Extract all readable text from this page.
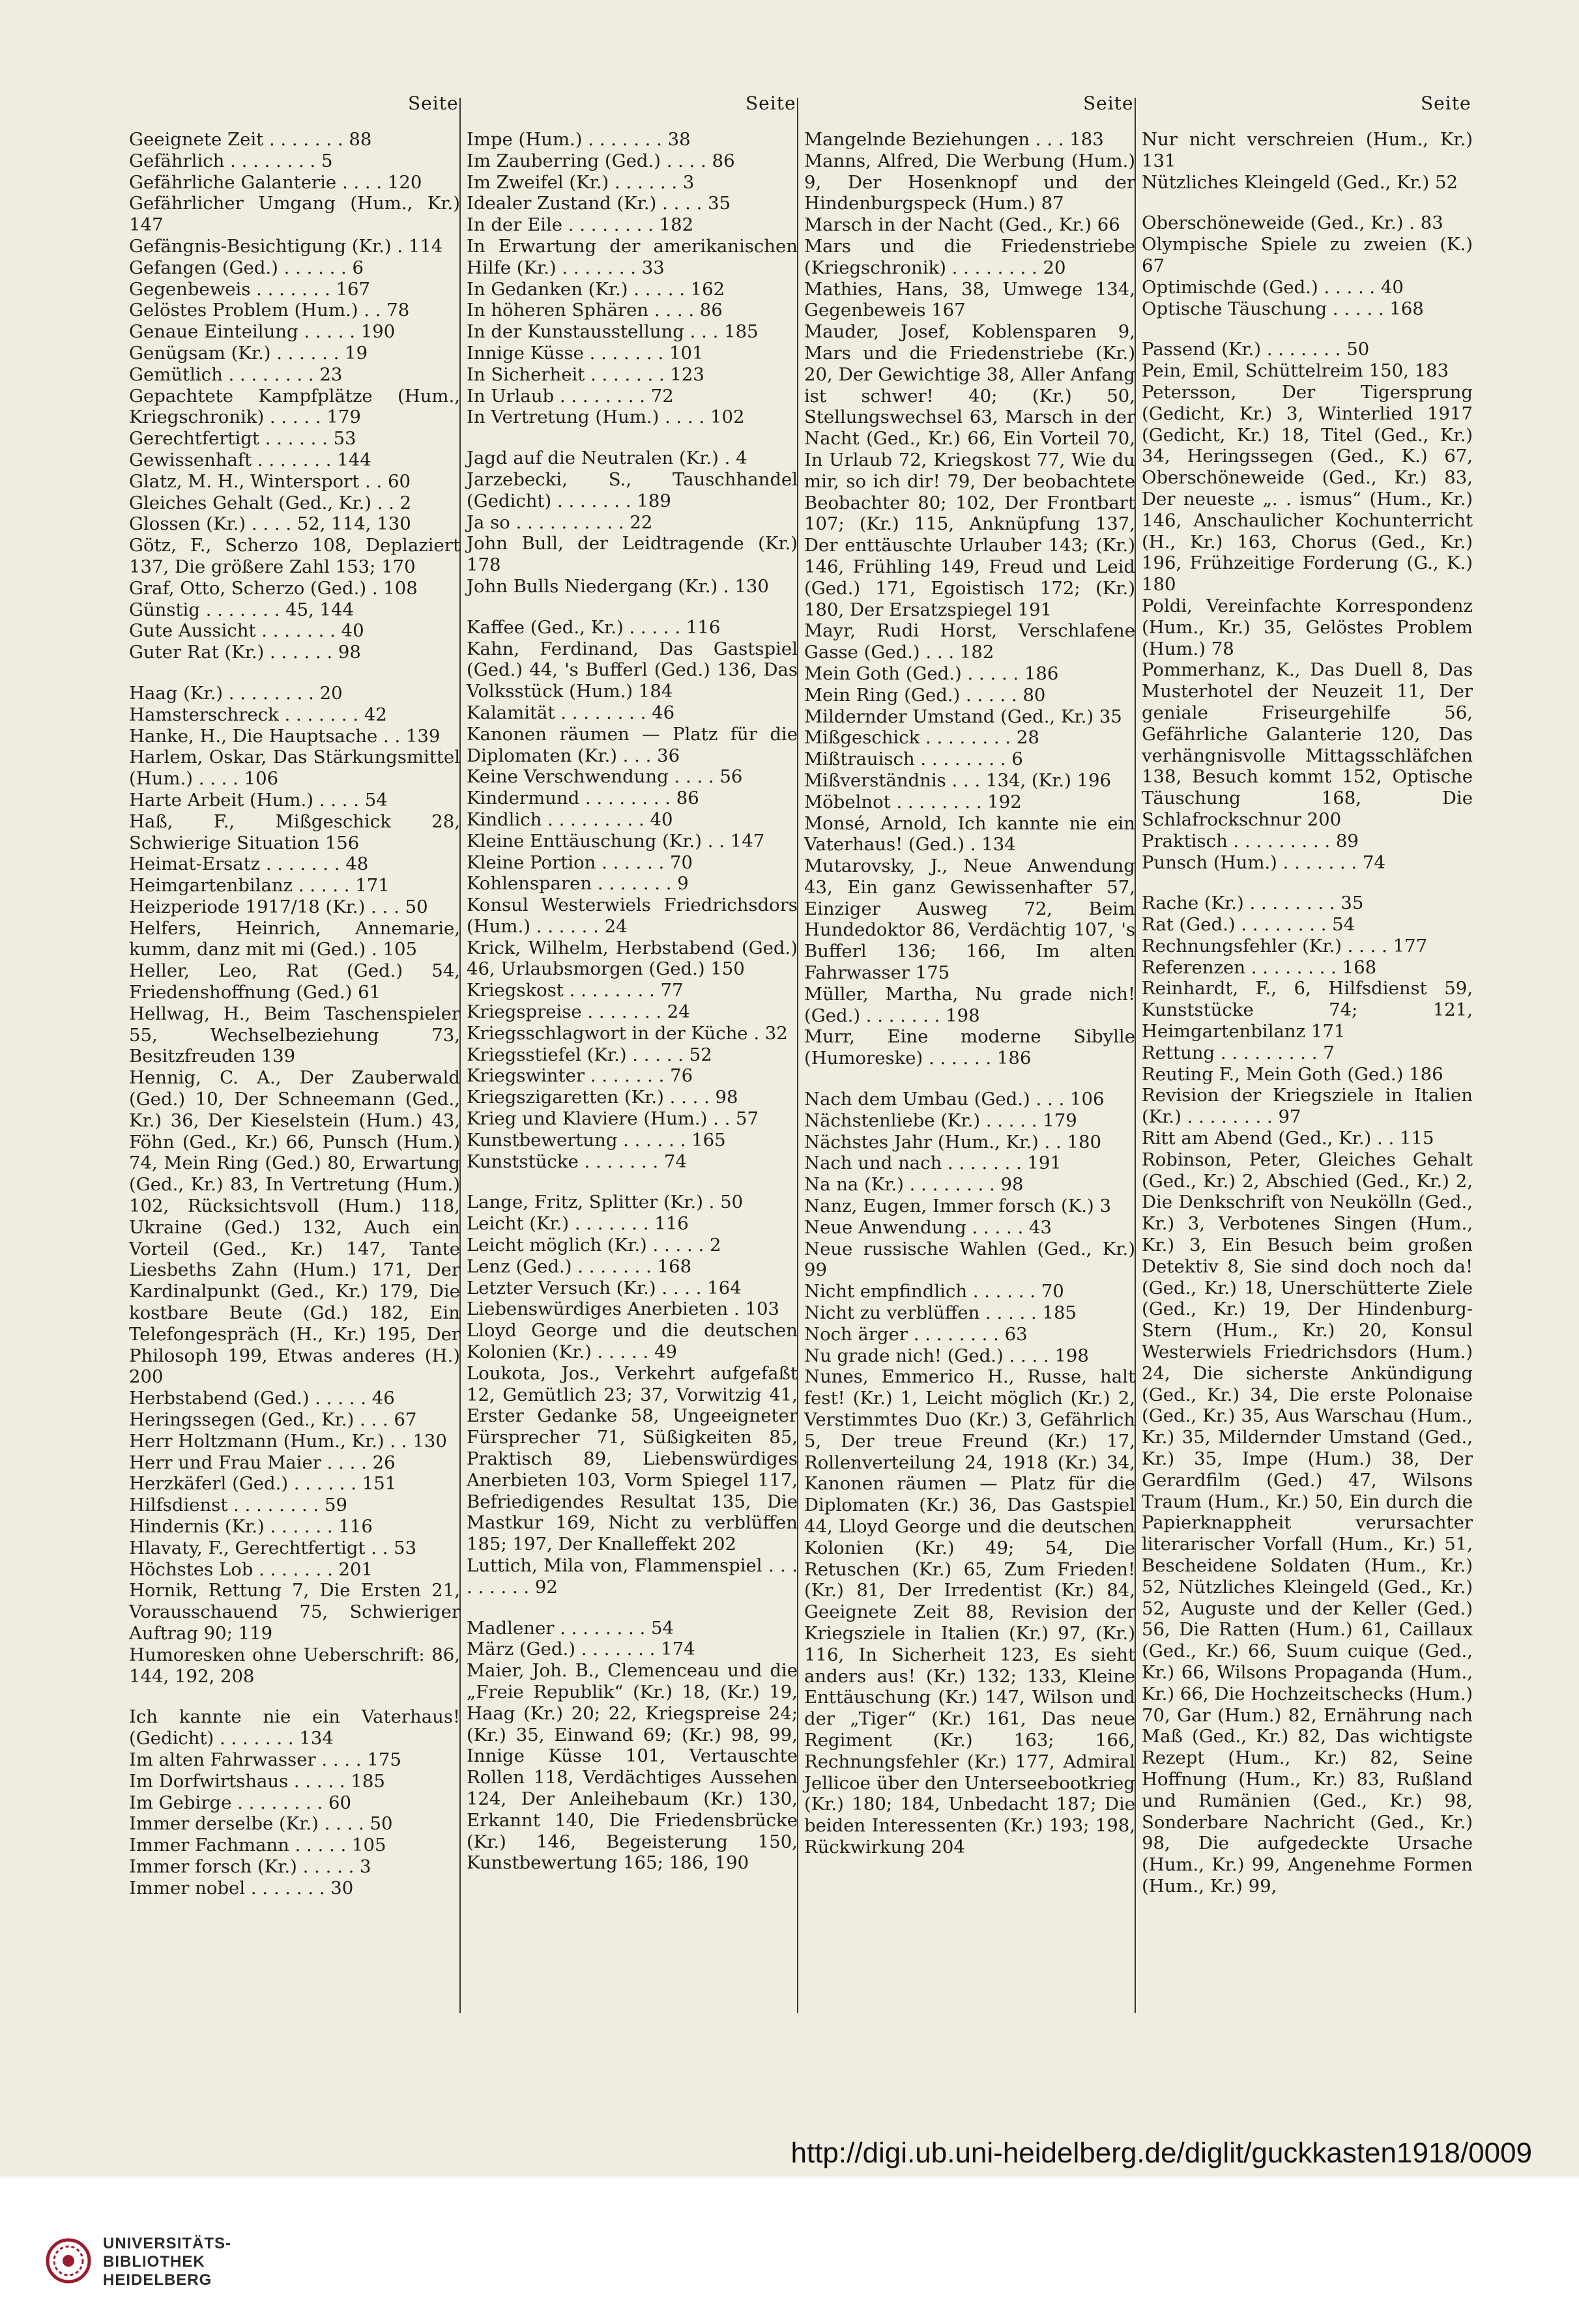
Seite	Seite	Seite	Seite
Geeignete Zeit . . . . . . . 88
Gefährlich . . . . . . . . 5
Gefährliche Galanterie . . . . 120
Gefährlicher Umgang (Hum., Kr.) 147
Gefängnis-Besichtigung (Kr.) . 114
Gefangen (Ged.) . . . . . . 6
Gegenbeweis . . . . . . . 167
Gelöstes Problem (Hum.) . . 78
Genaue Einteilung . . . . . 190
Genügsam (Kr.) . . . . . . 19
Gemütlich . . . . . . . . 23
Gepachtete Kampfplätze (Hum., Kriegschronik) . . . . . 179
Gerechtfertigt . . . . . . 53
Gewissenhaft . . . . . . . 144
Glatz, M. H., Wintersport . . 60
Gleiches Gehalt (Ged., Kr.) . . 2
Glossen (Kr.) . . . . 52, 114, 130
Götz, F., Scherzo 108, Deplaziert 137, Die größere Zahl 153; 170
Graf, Otto, Scherzo (Ged.) . 108
Günstig . . . . . . . 45, 144
Gute Aussicht . . . . . . . 40
Guter Rat (Kr.) . . . . . . 98
Haag (Kr.) . . . . . . . . 20
Hamsterschreck . . . . . . . 42
Hanke, H., Die Hauptsache . . 139
Harlem, Oskar, Das Stärkungsmittel (Hum.) . . . . 106
Harte Arbeit (Hum.) . . . . 54
Haß, F., Mißgeschick 28, Schwierige Situation 156
Heimat-Ersatz . . . . . . . 48
Heimgartenbilanz . . . . . 171
Heizperiode 1917/18 (Kr.) . . . 50
Helfers, Heinrich, Annemarie, kumm, danz mit mi (Ged.) . 105
Heller, Leo, Rat (Ged.) 54, Friedenshoffnung (Ged.) 61
Hellwag, H., Beim Taschenspieler 55, Wechselbeziehung 73, Besitzfreuden 139
Hennig, C. A., Der Zauberwald (Ged.) 10, Der Schneemann (Ged., Kr.) 36, Der Kieselstein (Hum.) 43, Föhn (Ged., Kr.) 66, Punsch (Hum.) 74, Mein Ring (Ged.) 80, Erwartung (Ged., Kr.) 83, In Vertretung (Hum.) 102, Rücksichtsvoll (Hum.) 118, Ukraine (Ged.) 132, Auch ein Vorteil (Ged., Kr.) 147, Tante Liesbeths Zahn (Hum.) 171, Der Kardinalpunkt (Ged., Kr.) 179, Die kostbare Beute (Gd.) 182, Ein Telefongespräch (H., Kr.) 195, Der Philosoph 199, Etwas anderes (H.) 200
Herbstabend (Ged.) . . . . . 46
Heringssegen (Ged., Kr.) . . . 67
Herr Holtzmann (Hum., Kr.) . . 130
Herr und Frau Maier . . . . 26
Herzkäferl (Ged.) . . . . . . 151
Hilfsdienst . . . . . . . . 59
Hindernis (Kr.) . . . . . . 116
Hlavaty, F., Gerechtfertigt . . 53
Höchstes Lob . . . . . . . 201
Hornik, Rettung 7, Die Ersten 21, Vorausschauend 75, Schwieriger Auftrag 90; 119
Humoresken ohne Ueberschrift: 86, 144, 192, 208
Ich kannte nie ein Vaterhaus! (Gedicht) . . . . . . . 134
Im alten Fahrwasser . . . . 175
Im Dorfwirtshaus . . . . . 185
Im Gebirge . . . . . . . . 60
Immer derselbe (Kr.) . . . . 50
Immer Fachmann . . . . . 105
Immer forsch (Kr.) . . . . . 3
Immer nobel . . . . . . . 30
Impe (Hum.) . . . . . . . 38
Im Zauberring (Ged.) . . . . 86
Im Zweifel (Kr.) . . . . . . 3
Idealer Zustand (Kr.) . . . . 35
In der Eile . . . . . . . . 182
In Erwartung der amerikanischen Hilfe (Kr.) . . . . . . . 33
In Gedanken (Kr.) . . . . . 162
In höheren Sphären . . . . 86
In der Kunstausstellung . . . 185
Innige Küsse . . . . . . . 101
In Sicherheit . . . . . . . 123
In Urlaub . . . . . . . . 72
In Vertretung (Hum.) . . . . 102
Jagd auf die Neutralen (Kr.) . 4
Jarzebecki, S., Tauschhandel (Gedicht) . . . . . . . 189
Ja so . . . . . . . . . . 22
John Bull, der Leidtragende (Kr.) 178
John Bulls Niedergang (Kr.) . 130
Kaffee (Ged., Kr.) . . . . . 116
Kahn, Ferdinand, Das Gastspiel (Ged.) 44, 's Bufferl (Ged.) 136, Das Volksstück (Hum.) 184
Kalamität . . . . . . . . 46
Kanonen räumen — Platz für die Diplomaten (Kr.) . . . 36
Keine Verschwendung . . . . 56
Kindermund . . . . . . . . 86
Kindlich . . . . . . . . . 40
Kleine Enttäuschung (Kr.) . . 147
Kleine Portion . . . . . . 70
Kohlensparen . . . . . . . 9
Konsul Westerwiels Friedrichsdors (Hum.) . . . . . . 24
Krick, Wilhelm, Herbstabend (Ged.) 46, Urlaubsmorgen (Ged.) 150
Kriegskost . . . . . . . . 77
Kriegspreise . . . . . . . 24
Kriegsschlagwort in der Küche . 32
Kriegsstiefel (Kr.) . . . . . 52
Kriegswinter . . . . . . . 76
Kriegszigaretten (Kr.) . . . . 98
Krieg und Klaviere (Hum.) . . 57
Kunstbewertung . . . . . . 165
Kunststücke . . . . . . . 74
Lange, Fritz, Splitter (Kr.) . 50
Leicht (Kr.) . . . . . . . 116
Leicht möglich (Kr.) . . . . . 2
Lenz (Ged.) . . . . . . . 168
Letzter Versuch (Kr.) . . . . 164
Liebenswürdiges Anerbieten . 103
Lloyd George und die deutschen Kolonien (Kr.) . . . . . 49
Loukota, Jos., Verkehrt aufgefaßt 12, Gemütlich 23; 37, Vorwitzig 41, Erster Gedanke 58, Ungeeigneter Fürsprecher 71, Süßigkeiten 85, Praktisch 89, Liebenswürdiges Anerbieten 103, Vorm Spiegel 117, Befriedigendes Resultat 135, Die Mastkur 169, Nicht zu verblüffen 185; 197, Der Knalleffekt 202
Luttich, Mila von, Flammenspiel . . . . . . . . . 92
Madlener . . . . . . . . 54
März (Ged.) . . . . . . . 174
Maier, Joh. B., Clemenceau und die „Freie Republik“ (Kr.) 18, (Kr.) 19, Haag (Kr.) 20; 22, Kriegspreise 24; (Kr.) 35, Einwand 69; (Kr.) 98, 99, Innige Küsse 101, Vertauschte Rollen 118, Verdächtiges Aussehen 124, Der Anleihebaum (Kr.) 130, Erkannt 140, Die Friedensbrücke (Kr.) 146, Begeisterung 150, Kunstbewertung 165; 186, 190
Mangelnde Beziehungen . . . 183
Manns, Alfred, Die Werbung (Hum.) 9, Der Hosenknopf und der Hindenburgspeck (Hum.) 87
Marsch in der Nacht (Ged., Kr.) 66
Mars und die Friedenstriebe (Kriegschronik) . . . . . . . . 20
Mathies, Hans, 38, Umwege 134, Gegenbeweis 167
Mauder, Josef, Koblensparen 9, Mars und die Friedenstriebe (Kr.) 20, Der Gewichtige 38, Aller Anfang ist schwer! 40; (Kr.) 50, Stellungswechsel 63, Marsch in der Nacht (Ged., Kr.) 66, Ein Vorteil 70, In Urlaub 72, Kriegskost 77, Wie du mir, so ich dir! 79, Der beobachtete Beobachter 80; 102, Der Frontbart 107; (Kr.) 115, Anknüpfung 137, Der enttäuschte Urlauber 143; (Kr.) 146, Frühling 149, Freud und Leid (Ged.) 171, Egoistisch 172; (Kr.) 180, Der Ersatzspiegel 191
Mayr, Rudi Horst, Verschlafene Gasse (Ged.) . . . 182
Mein Goth (Ged.) . . . . . 186
Mein Ring (Ged.) . . . . . 80
Mildernder Umstand (Ged., Kr.) 35
Mißgeschick . . . . . . . . 28
Mißtrauisch . . . . . . . . 6
Mißverständnis . . . 134, (Kr.) 196
Möbelnot . . . . . . . . 192
Monsé, Arnold, Ich kannte nie ein Vaterhaus! (Ged.) . 134
Mutarovsky, J., Neue Anwendung 43, Ein ganz Gewissenhafter 57, Einziger Ausweg 72, Beim Hundedoktor 86, Verdächtig 107, 's Bufferl 136; 166, Im alten Fahrwasser 175
Müller, Martha, Nu grade nich! (Ged.) . . . . . . . 198
Murr, Eine moderne Sibylle (Humoreske) . . . . . . 186
Nach dem Umbau (Ged.) . . . 106
Nächstenliebe (Kr.) . . . . . 179
Nächstes Jahr (Hum., Kr.) . . 180
Nach und nach . . . . . . . 191
Na na (Kr.) . . . . . . . . 98
Nanz, Eugen, Immer forsch (K.) 3
Neue Anwendung . . . . . 43
Neue russische Wahlen (Ged., Kr.) 99
Nicht empfindlich . . . . . . 70
Nicht zu verblüffen . . . . . 185
Noch ärger . . . . . . . . 63
Nu grade nich! (Ged.) . . . . 198
Nunes, Emmerico H., Russe, halt fest! (Kr.) 1, Leicht möglich (Kr.) 2, Verstimmtes Duo (Kr.) 3, Gefährlich 5, Der treue Freund (Kr.) 17, Rollenverteilung 24, 1918 (Kr.) 34, Kanonen räumen — Platz für die Diplomaten (Kr.) 36, Das Gastspiel 44, Lloyd George und die deutschen Kolonien (Kr.) 49; 54, Die Retuschen (Kr.) 65, Zum Frieden! (Kr.) 81, Der Irredentist (Kr.) 84, Geeignete Zeit 88, Revision der Kriegsziele in Italien (Kr.) 97, (Kr.) 116, In Sicherheit 123, Es sieht anders aus! (Kr.) 132; 133, Kleine Enttäuschung (Kr.) 147, Wilson und der „Tiger“ (Kr.) 161, Das neue Regiment (Kr.) 163; 166, Rechnungsfehler (Kr.) 177, Admiral Jellicoe über den Unterseebootkrieg (Kr.) 180; 184, Unbedacht 187; Die beiden Interessenten (Kr.) 193; 198, Rückwirkung 204
Nur nicht verschreien (Hum., Kr.) 131
Nützliches Kleingeld (Ged., Kr.) 52
Oberschöneweide (Ged., Kr.) . 83
Olympische Spiele zu zweien (K.) 67
Optimischde (Ged.) . . . . . 40
Optische Täuschung . . . . . 168
Passend (Kr.) . . . . . . . 50
Pein, Emil, Schüttelreim 150, 183
Petersson, Der Tigersprung (Gedicht, Kr.) 3, Winterlied 1917 (Gedicht, Kr.) 18, Titel (Ged., Kr.) 34, Heringssegen (Ged., K.) 67, Oberschöneweide (Ged., Kr.) 83, Der neueste „. . ismus“ (Hum., Kr.) 146, Anschaulicher Kochunterricht (H., Kr.) 163, Chorus (Ged., Kr.) 196, Frühzeitige Forderung (G., K.) 180
Poldi, Vereinfachte Korrespondenz (Hum., Kr.) 35, Gelöstes Problem (Hum.) 78
Pommerhanz, K., Das Duell 8, Das Musterhotel der Neuzeit 11, Der geniale Friseurgehilfe 56, Gefährliche Galanterie 120, Das verhängnisvolle Mittagsschläfchen 138, Besuch kommt 152, Optische Täuschung 168, Die Schlafrockschnur 200
Praktisch . . . . . . . . . 89
Punsch (Hum.) . . . . . . . 74
Rache (Kr.) . . . . . . . . 35
Rat (Ged.) . . . . . . . . 54
Rechnungsfehler (Kr.) . . . . 177
Referenzen . . . . . . . . 168
Reinhardt, F., 6, Hilfsdienst 59, Kunststücke 74; 121, Heimgartenbilanz 171
Rettung . . . . . . . . . 7
Reuting F., Mein Goth (Ged.) 186
Revision der Kriegsziele in Italien (Kr.) . . . . . . . . 97
Ritt am Abend (Ged., Kr.) . . 115
Robinson, Peter, Gleiches Gehalt (Ged., Kr.) 2, Abschied (Ged., Kr.) 2, Die Denkschrift von Neukölln (Ged., Kr.) 3, Verbotenes Singen (Hum., Kr.) 3, Ein Besuch beim großen Detektiv 8, Sie sind doch noch da! (Ged., Kr.) 18, Unerschütterte Ziele (Ged., Kr.) 19, Der Hindenburg-Stern (Hum., Kr.) 20, Konsul Westerwiels Friedrichsdors (Hum.) 24, Die sicherste Ankündigung (Ged., Kr.) 34, Die erste Polonaise (Ged., Kr.) 35, Aus Warschau (Hum., Kr.) 35, Mildernder Umstand (Ged., Kr.) 35, Impe (Hum.) 38, Der Gerardfilm (Ged.) 47, Wilsons Traum (Hum., Kr.) 50, Ein durch die Papierknappheit verursachter literarischer Vorfall (Hum., Kr.) 51, Bescheidene Soldaten (Hum., Kr.) 52, Nützliches Kleingeld (Ged., Kr.) 52, Auguste und der Keller (Ged.) 56, Die Ratten (Hum.) 61, Caillaux (Ged., Kr.) 66, Suum cuique (Ged., Kr.) 66, Wilsons Propaganda (Hum., Kr.) 66, Die Hochzeitschecks (Hum.) 70, Gar (Hum.) 82, Ernährung nach Maß (Ged., Kr.) 82, Das wichtigste Rezept (Hum., Kr.) 82, Seine Hoffnung (Hum., Kr.) 83, Rußland und Rumänien (Ged., Kr.) 98, Sonderbare Nachricht (Ged., Kr.) 98, Die aufgedeckte Ursache (Hum., Kr.) 99, Angenehme Formen (Hum., Kr.) 99,
http://digi.ub.uni-heidelberg.de/diglit/guckkasten1918/0009
UNIVERSITÄTS-
BIBLIOTHEK
HEIDELBERG
